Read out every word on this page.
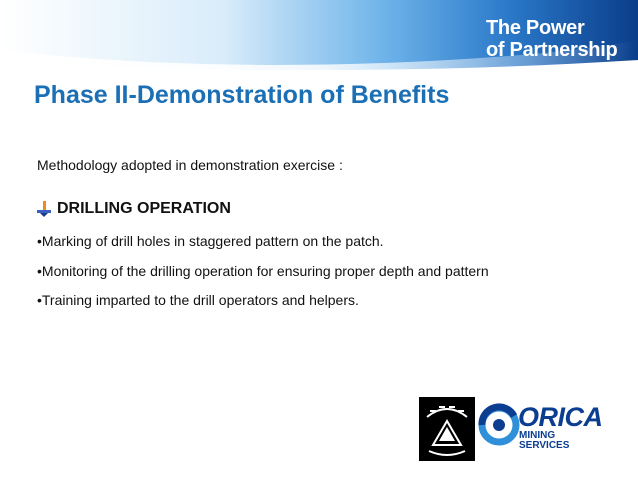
The Power
of Partnership
Phase II-Demonstration of Benefits

Methodology adopted in demonstration exercise :

DRILLING OPERATION

•Marking of drill holes in staggered pattern on the patch.

•Monitoring of the drilling operation for ensuring proper depth and pattern

•Training imparted to the drill operators and helpers.

ORICA
MINING
SERVICES
